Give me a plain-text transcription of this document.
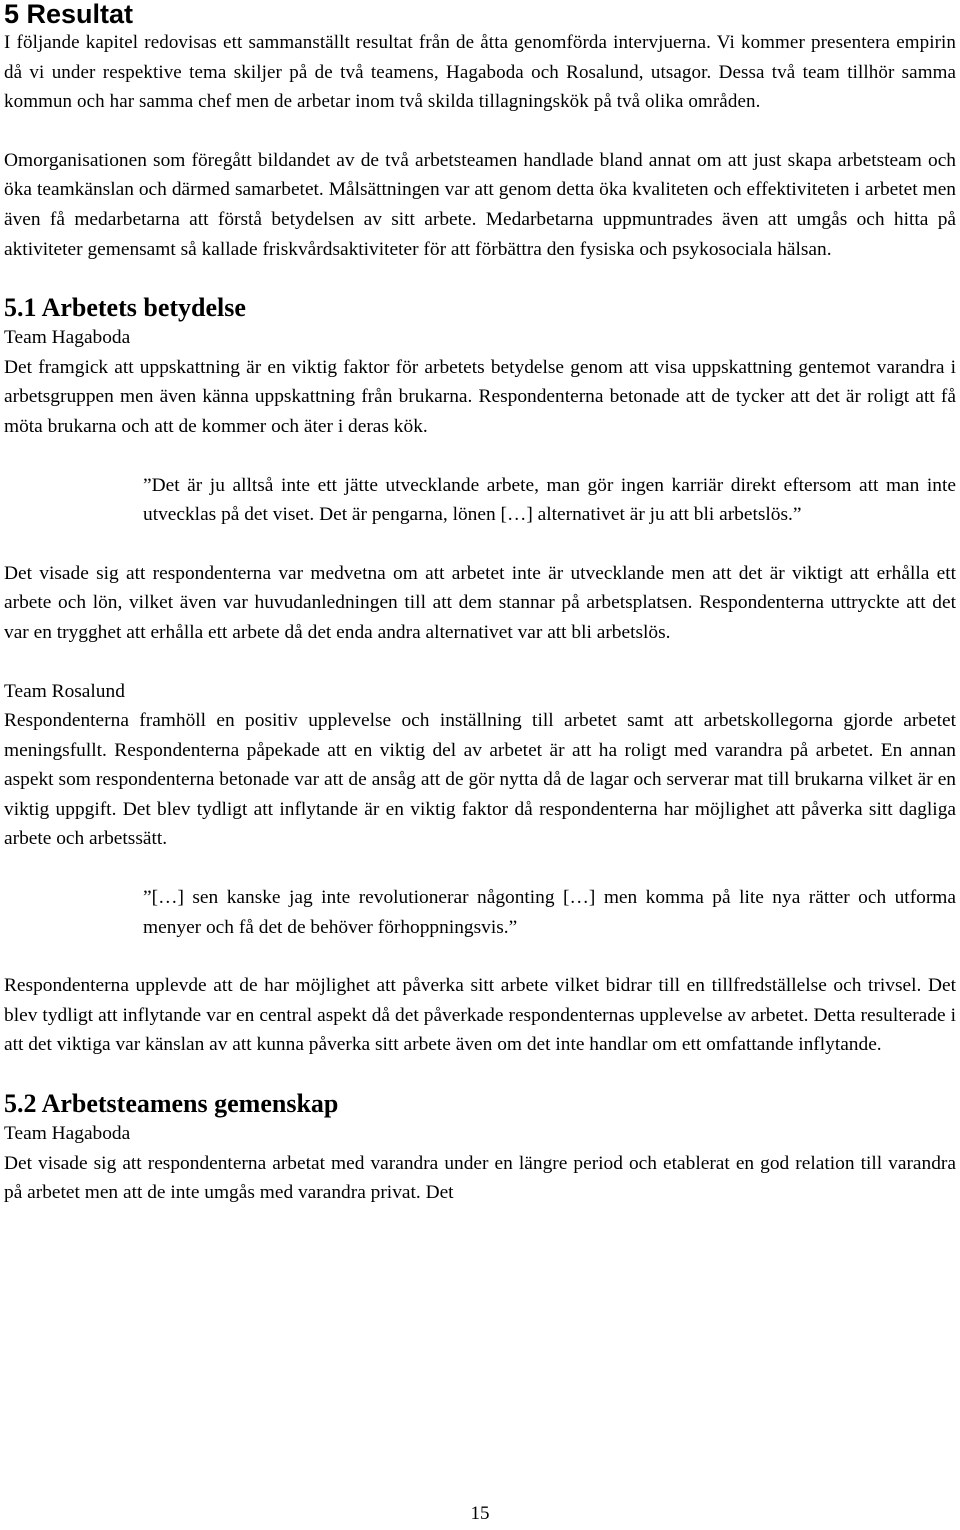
5 Resultat

I följande kapitel redovisas ett sammanställt resultat från de åtta genomförda intervjuerna. Vi kommer presentera empirin då vi under respektive tema skiljer på de två teamens, Hagaboda och Rosalund, utsagor. Dessa två team tillhör samma kommun och har samma chef men de arbetar inom två skilda tillagningskök på två olika områden.

Omorganisationen som föregått bildandet av de två arbetsteamen handlade bland annat om att just skapa arbetsteam och öka teamkänslan och därmed samarbetet. Målsättningen var att genom detta öka kvaliteten och effektiviteten i arbetet men även få medarbetarna att förstå betydelsen av sitt arbete. Medarbetarna uppmuntrades även att umgås och hitta på aktiviteter gemensamt så kallade friskvårdsaktiviteter för att förbättra den fysiska och psykosociala hälsan.

5.1 Arbetets betydelse
Team Hagaboda

Det framgick att uppskattning är en viktig faktor för arbetets betydelse genom att visa uppskattning gentemot varandra i arbetsgruppen men även känna uppskattning från brukarna. Respondenterna betonade att de tycker att det är roligt att få möta brukarna och att de kommer och äter i deras kök.

”Det är ju alltså inte ett jätte utvecklande arbete, man gör ingen karriär direkt eftersom att man inte utvecklas på det viset. Det är pengarna, lönen […] alternativet är ju att bli arbetslös.”

Det visade sig att respondenterna var medvetna om att arbetet inte är utvecklande men att det är viktigt att erhålla ett arbete och lön, vilket även var huvudanledningen till att dem stannar på arbetsplatsen. Respondenterna uttryckte att det var en trygghet att erhålla ett arbete då det enda andra alternativet var att bli arbetslös.

Team Rosalund

Respondenterna framhöll en positiv upplevelse och inställning till arbetet samt att arbetskollegorna gjorde arbetet meningsfullt. Respondenterna påpekade att en viktig del av arbetet är att ha roligt med varandra på arbetet. En annan aspekt som respondenterna betonade var att de ansåg att de gör nytta då de lagar och serverar mat till brukarna vilket är en viktig uppgift. Det blev tydligt att inflytande är en viktig faktor då respondenterna har möjlighet att påverka sitt dagliga arbete och arbetssätt.

”[…] sen kanske jag inte revolutionerar någonting […] men komma på lite nya rätter och utforma menyer och få det de behöver förhoppningsvis.”

Respondenterna upplevde att de har möjlighet att påverka sitt arbete vilket bidrar till en tillfredställelse och trivsel. Det blev tydligt att inflytande var en central aspekt då det påverkade respondenternas upplevelse av arbetet. Detta resulterade i att det viktiga var känslan av att kunna påverka sitt arbete även om det inte handlar om ett omfattande inflytande.

5.2 Arbetsteamens gemenskap
Team Hagaboda

Det visade sig att respondenterna arbetat med varandra under en längre period och etablerat en god relation till varandra på arbetet men att de inte umgås med varandra privat. Det

15
